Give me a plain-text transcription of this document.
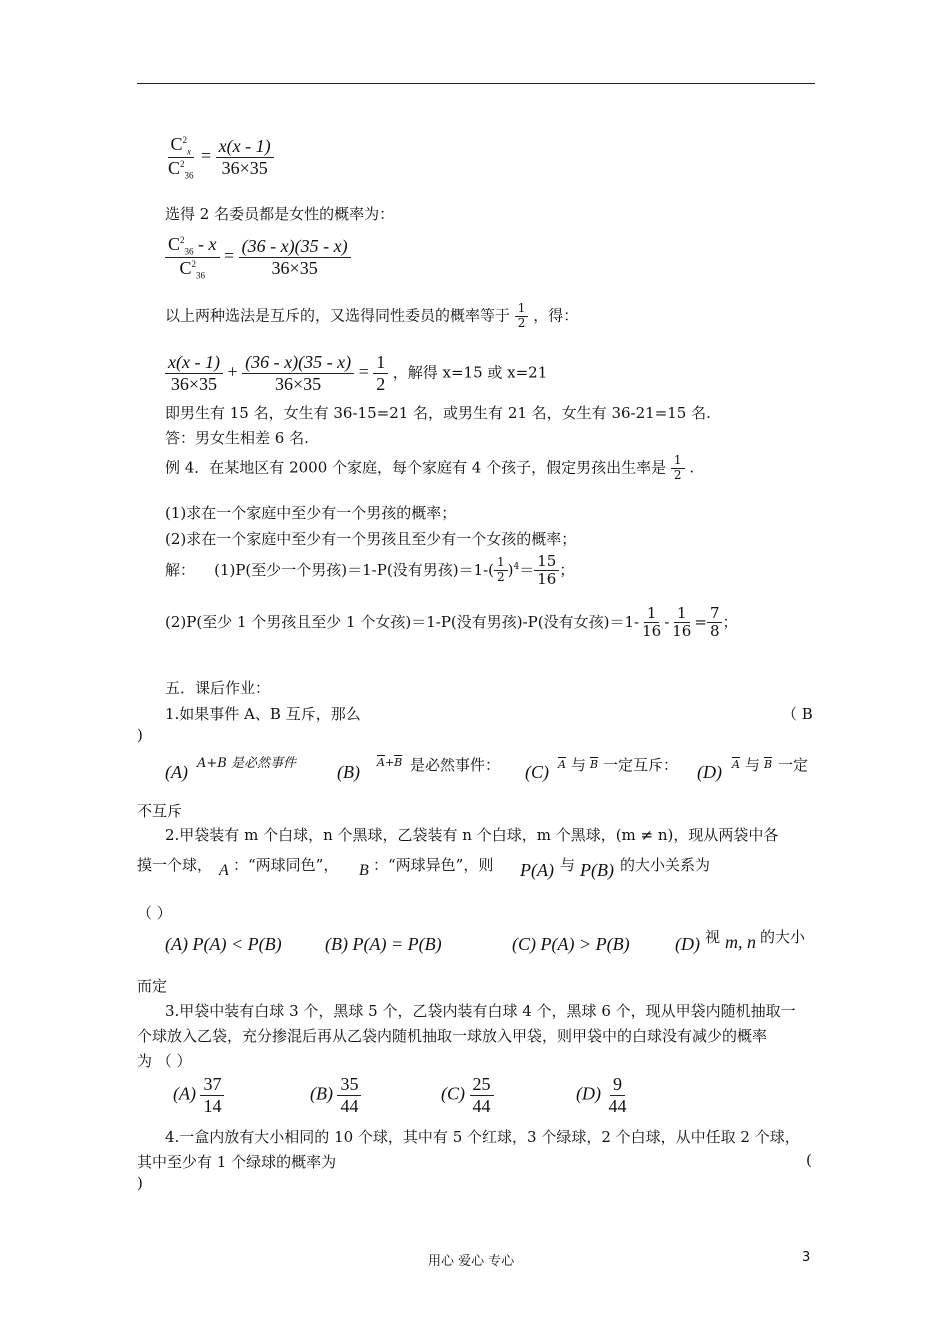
$\frac{C^2_x}{C^2_{36}} = \frac{x(x - 1)}{36\times 35}$
选得 2 名委员都是女性的概率为：
$\frac{C^2_{36} - x}{C^2_{36}} = \frac{(36 - x)(35 - x)}{36\times 35}$
以上两种选法是互斥的，又选得同性委员的概率等于 $\frac{1}{2}$ ，得：
$\frac{x(x - 1)}{36\times 35} + \frac{(36 - x)(35 - x)}{36\times 35} = \frac{1}{2}$ ，解得 x=15 或 x=21
即男生有 15 名，女生有 36-15=21 名，或男生有 21 名，女生有 36-21=15 名.
答：男女生相差 6 名.
例 4．在某地区有 2000 个家庭，每个家庭有 4 个孩子，假定男孩出生率是 $\frac{1}{2}$ .
(1)求在一个家庭中至少有一个男孩的概率；
(2)求在一个家庭中至少有一个男孩且至少有一个女孩的概率；
解： (1)P(至少一个男孩)＝1-P(没有男孩)$=1-( \frac{1}{2} )^4= \frac{15}{16}$ ；
(2)P(至少 1 个男孩且至少 1 个女孩)＝1-P(没有男孩)-P(没有女孩)$=1- \frac{1}{16} - \frac{1}{16} = \frac{7}{8}$ ；
五．课后作业：
1.如果事件 A、B 互斥，那么	（ B
)
(A) A+B 是必然事件 (B) $\overline{A}+\overline{B}$ 是必然事件： (C) $\overline{A}$ 与 $\overline{B}$ 一定互斥： (D) $\overline{A}$ 与 $\overline{B}$ 一定
不互斥
2.甲袋装有 m 个白球，n 个黑球，乙袋装有 n 个白球，m 个黑球，(m ≠ n)，现从两袋中各
摸一个球， A ：“两球同色”， B ：“两球异色”，则 P(A) 与 P(B) 的大小关系为
（ ）
(A) P(A) < P(B) (B) P(A) = P(B)	(C) P(A) > P(B)	(D) 视 m, n 的大小
而定
3.甲袋中装有白球 3 个，黑球 5 个，乙袋内装有白球 4 个，黑球 6 个，现从甲袋内随机抽取一
个球放入乙袋，充分掺混后再从乙袋内随机抽取一球放入甲袋，则甲袋中的白球没有减少的概率
为 （ ）
$(A) \frac{37}{14}$	$(B) \frac{35}{44}$	$(C) \frac{25}{44}$	$(D) \frac{9}{44}$
4.一盒内放有大小相同的 10 个球，其中有 5 个红球，3 个绿球，2 个白球，从中任取 2 个球，
其中至少有 1 个绿球的概率为	(
)
用心 爱心 专心	3
